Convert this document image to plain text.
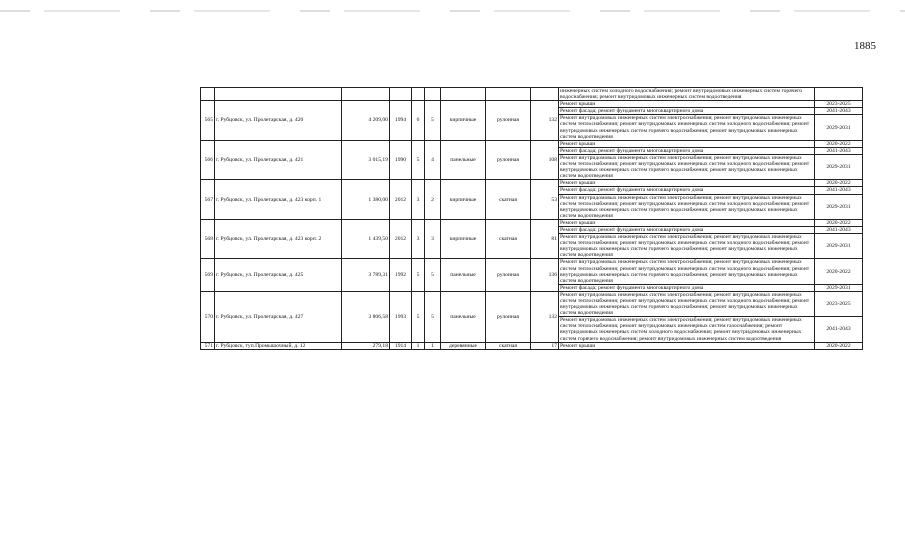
1885
									инженерных систем холодного водоснабжения; ремонт внутридомовых инженерных систем горячего водоснабжения; ремонт внутридомовых инженерных систем водоотведения	
565	г. Рубцовск, ул. Пролетарская, д. 420	4 209,00	1994	6	5	кирпичные	рулонная	132	Ремонт крыши	2023-2025
									Ремонт фасада; ремонт фундамента многоквартирного дома	2041-2043
									Ремонт внутридомовых инженерных систем электроснабжения; ремонт внутридомовых инженерных систем теплоснабжения; ремонт внутридомовых инженерных систем холодного водоснабжения; ремонт внутридомовых инженерных систем горячего водоснабжения; ремонт внутридомовых инженерных систем водоотведения	2029-2031
566	г. Рубцовск, ул. Пролетарская, д. 421	3 015,19	1990	5	4	панельные	рулонная	108	Ремонт крыши	2020-2022
									Ремонт фасада; ремонт фундамента многоквартирного дома	2041-2043
									Ремонт внутридомовых инженерных систем электроснабжения; ремонт внутридомовых инженерных систем теплоснабжения; ремонт внутридомовых инженерных систем холодного водоснабжения; ремонт внутридомовых инженерных систем горячего водоснабжения; ремонт внутридомовых инженерных систем водоотведения	2029-2031
567	г. Рубцовск, ул. Пролетарская, д. 423 корп. 1	1 380,00	2012	3	2	кирпичные	скатная	53	Ремонт крыши	2020-2022
									Ремонт фасада; ремонт фундамента многоквартирного дома	2041-2043
									Ремонт внутридомовых инженерных систем электроснабжения; ремонт внутридомовых инженерных систем теплоснабжения; ремонт внутридомовых инженерных систем холодного водоснабжения; ремонт внутридомовых инженерных систем горячего водоснабжения; ремонт внутридомовых инженерных систем водоотведения	2029-2031
568	г. Рубцовск, ул. Пролетарская, д. 423 корп. 2	1 439,50	2012	3	3	кирпичные	скатная	81	Ремонт крыши	2020-2022
									Ремонт фасада; ремонт фундамента многоквартирного дома	2041-2043
									Ремонт внутридомовых инженерных систем электроснабжения; ремонт внутридомовых инженерных систем теплоснабжения; ремонт внутридомовых инженерных систем холодного водоснабжения; ремонт внутридомовых инженерных систем горячего водоснабжения; ремонт внутридомовых инженерных систем водоотведения	2029-2031
569	г. Рубцовск, ул. Пролетарская, д. 425	3 789,31	1992	5	5	панельные	рулонная	136	Ремонт внутридомовых инженерных систем электроснабжения; ремонт внутридомовых инженерных систем теплоснабжения; ремонт внутридомовых инженерных систем холодного водоснабжения; ремонт внутридомовых инженерных систем горячего водоснабжения; ремонт внутридомовых инженерных систем водоотведения	2020-2022
									Ремонт фасада; ремонт фундамента многоквартирного дома	2029-2031
570	г. Рубцовск, ул. Пролетарская, д. 427	3 806,58	1993	5	5	панельные	рулонная	132	Ремонт внутридомовых инженерных систем электроснабжения; ремонт внутридомовых инженерных систем теплоснабжения; ремонт внутридомовых инженерных систем холодного водоснабжения; ремонт внутридомовых инженерных систем горячего водоснабжения; ремонт внутридомовых инженерных систем водоотведения	2023-2025
									Ремонт внутридомовых инженерных систем электроснабжения; ремонт внутридомовых инженерных систем теплоснабжения; ремонт внутридомовых инженерных систем газоснабжения; ремонт внутридомовых инженерных систем холодного водоснабжения; ремонт внутридомовых инженерных систем горячего водоснабжения; ремонт внутридомовых инженерных систем водоотведения	2041-2043
571	г. Рубцовск, туп.Промышочный, д. 12	279,18	1914	1	1	деревянные	скатная	17	Ремонт крыши	2020-2022
